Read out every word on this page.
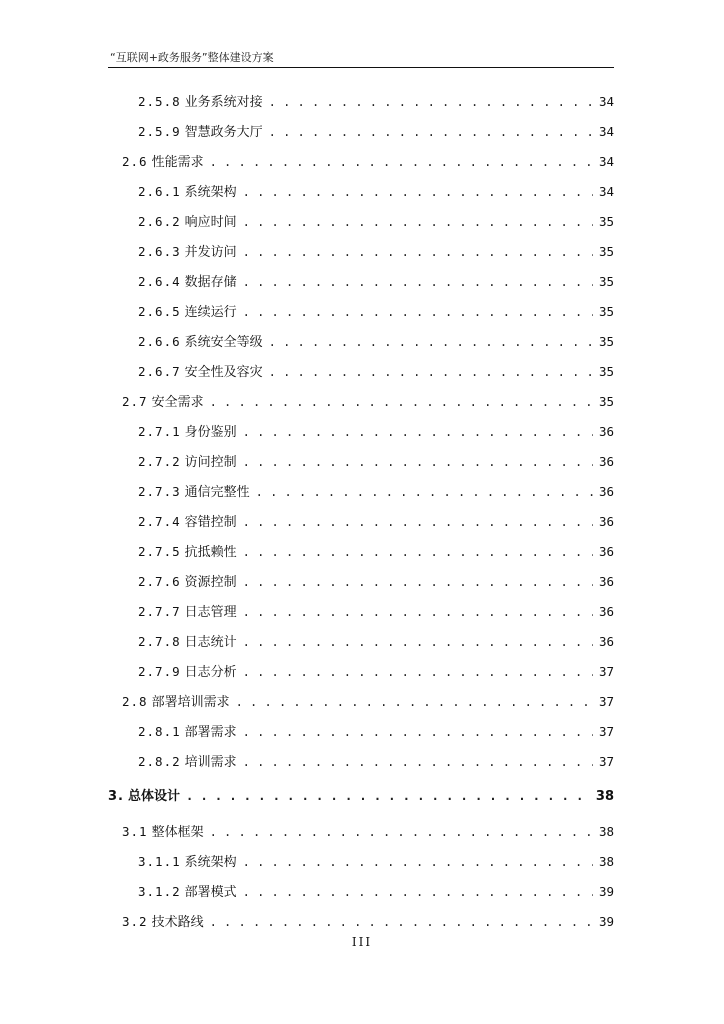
“互联网+政务服务”整体建设方案
2.5.8 业务系统对接 . . .	34
2.5.9 智慧政务大厅 . . .	34
2.6 性能需求 . . .	34
2.6.1 系统架构 . . .	34
2.6.2 响应时间 . . .	35
2.6.3 并发访问 . . .	35
2.6.4 数据存储 . . .	35
2.6.5 连续运行 . . .	35
2.6.6 系统安全等级 . . .	35
2.6.7 安全性及容灾 . . .	35
2.7 安全需求 . . .	35
2.7.1 身份鉴别 . . .	36
2.7.2 访问控制 . . .	36
2.7.3 通信完整性 . . .	36
2.7.4 容错控制 . . .	36
2.7.5 抗抵赖性 . . .	36
2.7.6 资源控制 . . .	36
2.7.7 日志管理 . . .	36
2.7.8 日志统计 . . .	36
2.7.9 日志分析 . . .	37
2.8 部署培训需求 . . .	37
2.8.1 部署需求 . . .	37
2.8.2 培训需求 . . .	37
3. 总体设计 . . .	38
3.1 整体框架 . . .	38
3.1.1 系统架构 . . .	38
3.1.2 部署模式 . . .	39
3.2 技术路线 . . .	39
III
